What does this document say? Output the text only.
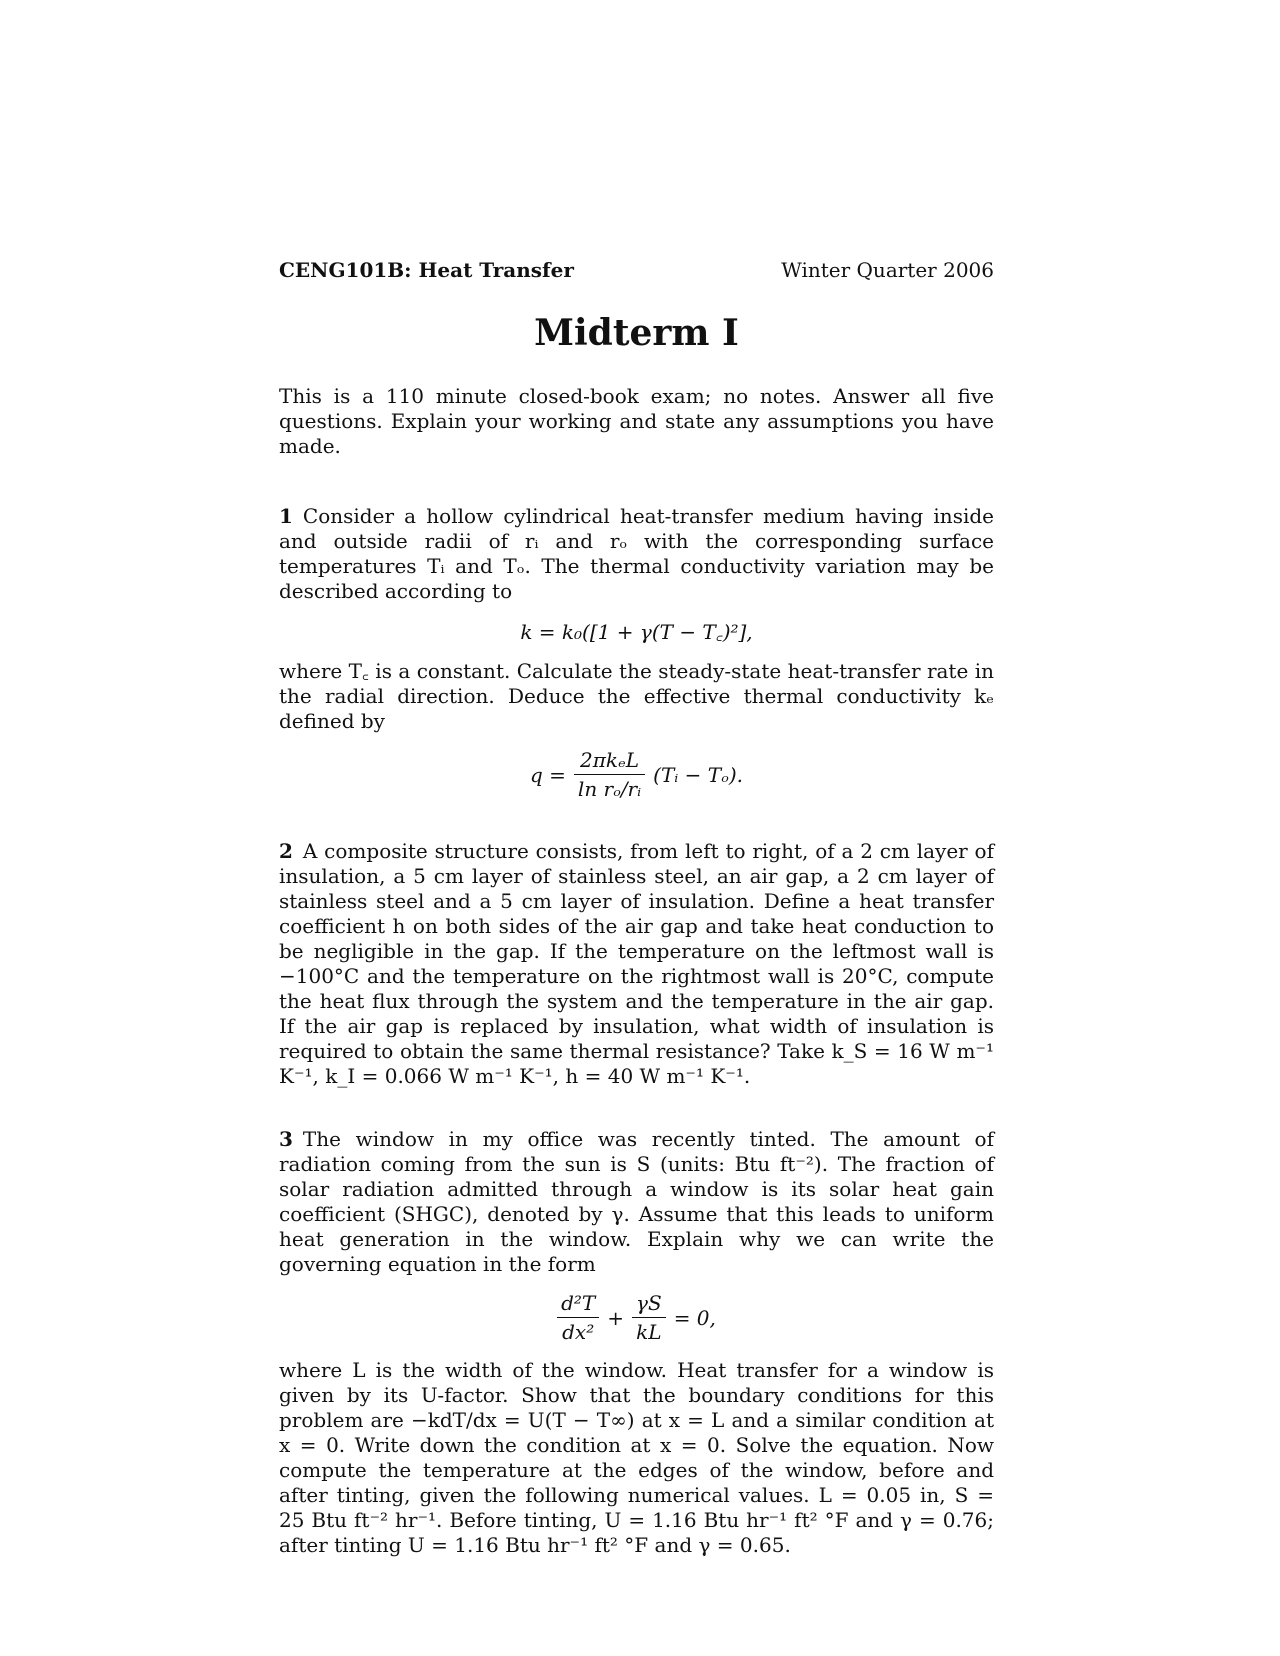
CENG101B: Heat Transfer	Winter Quarter 2006
Midterm I

This is a 110 minute closed-book exam; no notes. Answer all five questions. Explain your working and state any assumptions you have made.

1 Consider a hollow cylindrical heat-transfer medium having inside and outside radii of rᵢ and rₒ with the corresponding surface temperatures Tᵢ and Tₒ. The thermal conductivity variation may be described according to

k = k₀([1 + γ(T − T꜀)²],

where T꜀ is a constant. Calculate the steady-state heat-transfer rate in the radial direction. Deduce the effective thermal conductivity kₑ defined by

$q = \frac{\text{2πkₑL}}{\text{ln rₒ/rᵢ}}$ (Tᵢ − Tₒ).

2 A composite structure consists, from left to right, of a 2 cm layer of insulation, a 5 cm layer of stainless steel, an air gap, a 2 cm layer of stainless steel and a 5 cm layer of insulation. Define a heat transfer coefficient h on both sides of the air gap and take heat conduction to be negligible in the gap. If the temperature on the leftmost wall is −100°C and the temperature on the rightmost wall is 20°C, compute the heat flux through the system and the temperature in the air gap. If the air gap is replaced by insulation, what width of insulation is required to obtain the same thermal resistance? Take k_S = 16 W m⁻¹ K⁻¹, k_I = 0.066 W m⁻¹ K⁻¹, h = 40 W m⁻¹ K⁻¹.

3 The window in my office was recently tinted. The amount of radiation coming from the sun is S (units: Btu ft⁻²). The fraction of solar radiation admitted through a window is its solar heat gain coefficient (SHGC), denoted by γ. Assume that this leads to uniform heat generation in the window. Explain why we can write the governing equation in the form

$\frac{\text{d²T}}{\text{dx²}} + \frac{\gamma S}{kL} = 0$,

where L is the width of the window. Heat transfer for a window is given by its U-factor. Show that the boundary conditions for this problem are −kdT/dx = U(T − T∞) at x = L and a similar condition at x = 0. Write down the condition at x = 0. Solve the equation. Now compute the temperature at the edges of the window, before and after tinting, given the following numerical values. L = 0.05 in, S = 25 Btu ft⁻² hr⁻¹. Before tinting, U = 1.16 Btu hr⁻¹ ft² °F and γ = 0.76; after tinting U = 1.16 Btu hr⁻¹ ft² °F and γ = 0.65.
